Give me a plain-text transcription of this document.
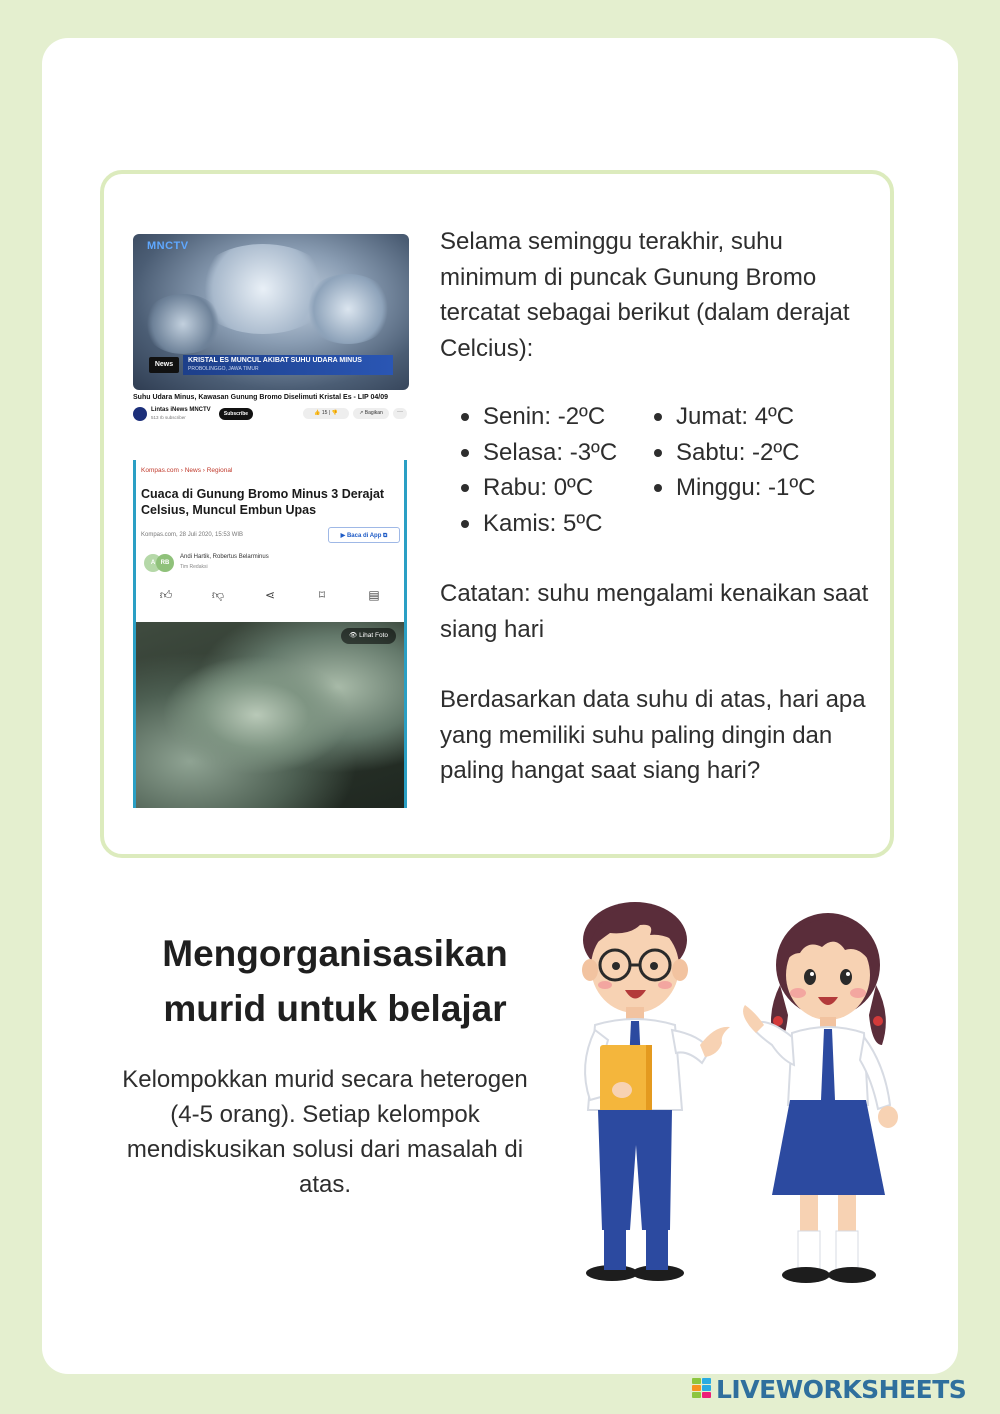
MNCTV
News
KRISTAL ES MUNCUL AKIBAT SUHU UDARA MINUS
PROBOLINGGO, JAWA TIMUR
Suhu Udara Minus, Kawasan Gunung Bromo Diselimuti Kristal Es - LIP 04/09
Lintas iNews MNCTV
513 rb subscriber
Subscribe	👍 15 | 👎	↗ Bagikan	···
Kompas.com › News › Regional
Cuaca di Gunung Bromo Minus 3 Derajat Celsius, Muncul Embun Upas
Kompas.com, 28 Juli 2020, 15:53 WIB	▶ Baca di App ⧉
A RB
Andi Hartik, Robertus Belarminus
Tim Redaksi
👍︎	👎︎	⋖	⌑	▤
👁 Lihat Foto
Selama seminggu terakhir, suhu minimum di puncak Gunung Bromo tercatat sebagai berikut (dalam derajat Celcius):
Senin: -2ºC
Selasa: -3ºC
Rabu: 0ºC
Kamis: 5ºC
Jumat: 4ºC
Sabtu: -2ºC
Minggu: -1ºC
Catatan: suhu mengalami kenaikan saat siang hari
Berdasarkan data suhu di atas, hari apa yang memiliki suhu paling dingin dan paling hangat saat siang hari?
Mengorganisasikan murid untuk belajar
Kelompokkan murid secara heterogen (4-5 orang). Setiap kelompok mendiskusikan solusi dari masalah di atas.
LIVEWORKSHEETS
